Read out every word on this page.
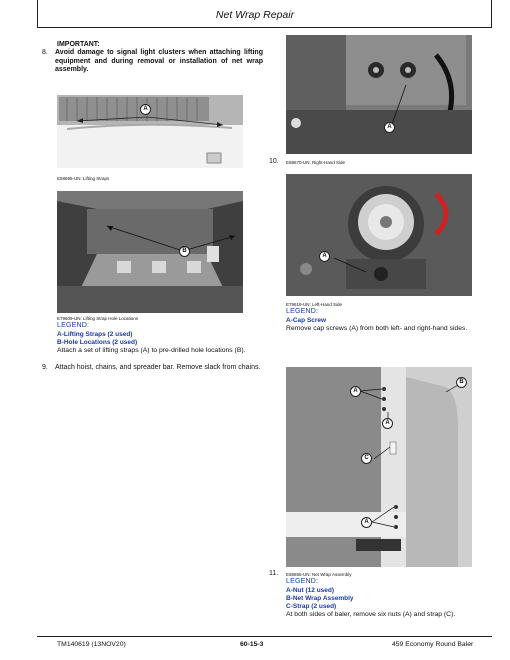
Net Wrap Repair
IMPORTANT:
8. Avoid damage to signal light clusters when attaching lifting equipment and during removal or installation of net wrap assembly.
A
E58695-UN: Lifting Straps
B
E79609-UN: Lifting Strap Hole Locations
LEGEND:
A-Lifting Straps (2 used)
B-Hole Locations (2 used)
Attach a set of lifting straps (A) to pre-drilled hole locations (B).
9. Attach hoist, chains, and spreader bar. Remove slack from chains.
A
10. E58670-UN: Right-Hand Side
A
E79619-UN: Left-Hand Side
LEGEND:
A-Cap Screw
Remove cap screws (A) from both left- and right-hand sides.
A
A
C
A
B
11. E58655-UN: Net Wrap Assembly
LEGEND:
A-Nut (12 used)
B-Net Wrap Assembly
C-Strap (2 used)
At both sides of baler, remove six nuts (A) and strap (C).
TM140619 (13NOV20)	60-15-3	459 Economy Round Baler
